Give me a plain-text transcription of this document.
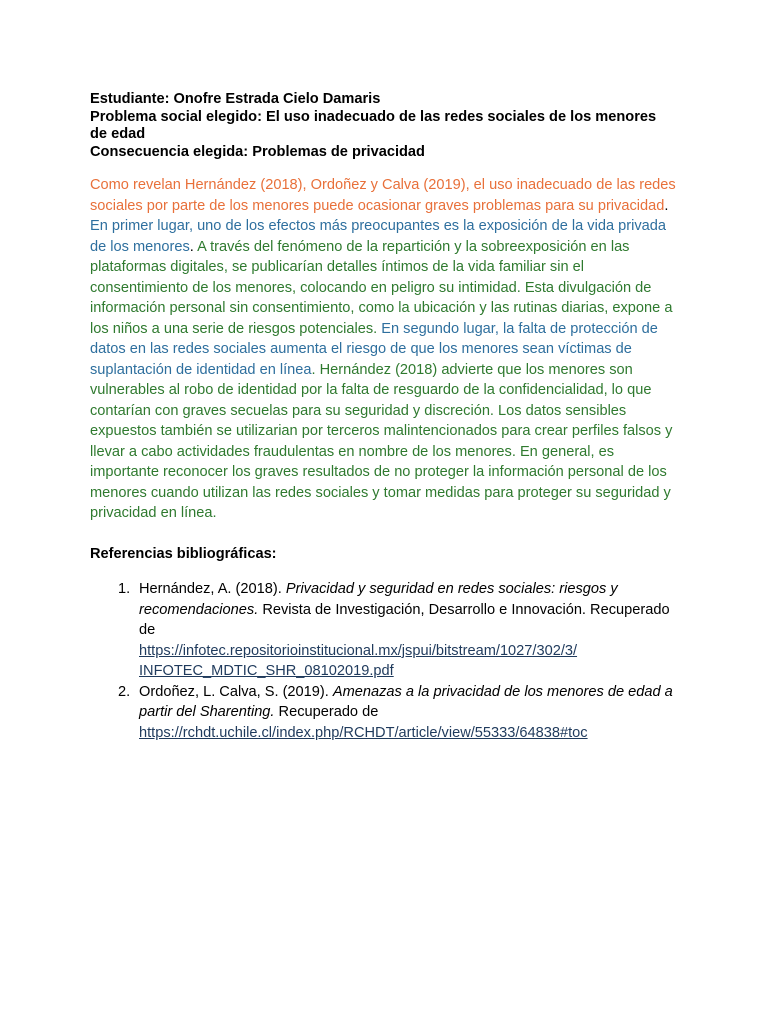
Estudiante: Onofre Estrada Cielo Damaris

Problema social elegido: El uso inadecuado de las redes sociales de los menores
de edad

Consecuencia elegida: Problemas de privacidad

Como revelan Hernández (2018), Ordoñez y Calva (2019), el uso inadecuado de las redes sociales por parte de los menores puede ocasionar graves problemas para su privacidad. En primer lugar, uno de los efectos más preocupantes es la exposición de la vida privada de los menores. A través del fenómeno de la repartición y la sobreexposición en las plataformas digitales, se publicarían detalles íntimos de la vida familiar sin el consentimiento de los menores, colocando en peligro su intimidad. Esta divulgación de información personal sin consentimiento, como la ubicación y las rutinas diarias, expone a los niños a una serie de riesgos potenciales. En segundo lugar, la falta de protección de datos en las redes sociales aumenta el riesgo de que los menores sean víctimas de suplantación de identidad en línea. Hernández (2018) advierte que los menores son vulnerables al robo de identidad por la falta de resguardo de la confidencialidad, lo que contarían con graves secuelas para su seguridad y discreción. Los datos sensibles expuestos también se utilizarian por terceros malintencionados para crear perfiles falsos y llevar a cabo actividades fraudulentas en nombre de los menores. En general, es importante reconocer los graves resultados de no proteger la información personal de los menores cuando utilizan las redes sociales y tomar medidas para proteger su seguridad y privacidad en línea.

Referencias bibliográficas:

1. Hernández, A. (2018). Privacidad y seguridad en redes sociales: riesgos y recomendaciones. Revista de Investigación, Desarrollo e Innovación. Recuperado de
https://infotec.repositorioinstitucional.mx/jspui/bitstream/1027/302/3/
INFOTEC_MDTIC_SHR_08102019.pdf
2. Ordoñez, L. Calva, S. (2019). Amenazas a la privacidad de los menores de edad a partir del Sharenting. Recuperado de
https://rchdt.uchile.cl/index.php/RCHDT/article/view/55333/64838#toc
